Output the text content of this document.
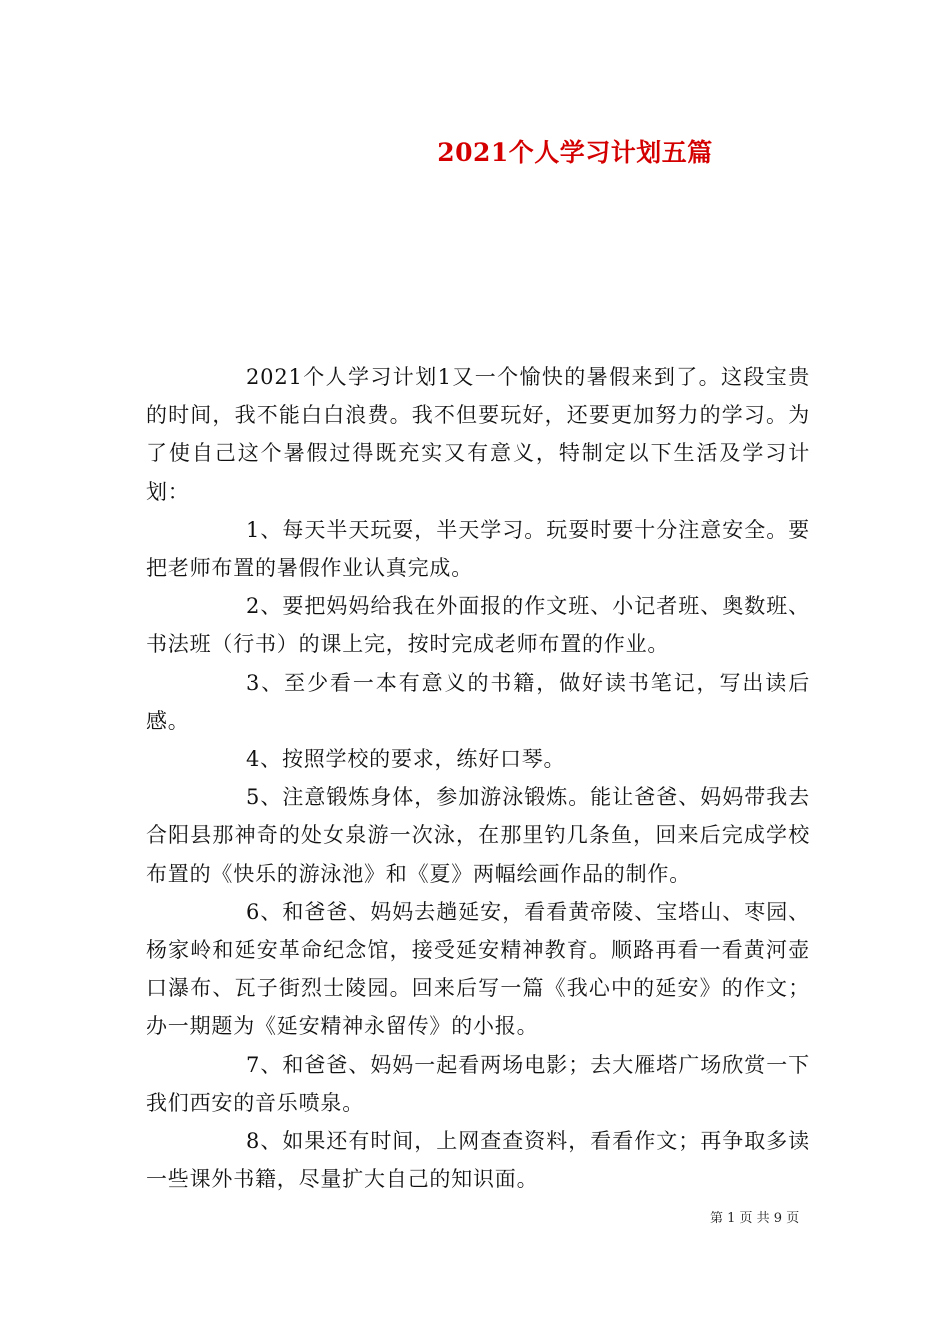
2021个人学习计划五篇

2021个人学习计划1又一个愉快的暑假来到了。这段宝贵的时间，我不能白白浪费。我不但要玩好，还要更加努力的学习。为了使自己这个暑假过得既充实又有意义，特制定以下生活及学习计划：

1、每天半天玩耍，半天学习。玩耍时要十分注意安全。要把老师布置的暑假作业认真完成。

2、要把妈妈给我在外面报的作文班、小记者班、奥数班、书法班（行书）的课上完，按时完成老师布置的作业。

3、至少看一本有意义的书籍，做好读书笔记，写出读后感。

4、按照学校的要求，练好口琴。

5、注意锻炼身体，参加游泳锻炼。能让爸爸、妈妈带我去合阳县那神奇的处女泉游一次泳，在那里钓几条鱼，回来后完成学校布置的《快乐的游泳池》和《夏》两幅绘画作品的制作。

6、和爸爸、妈妈去趟延安，看看黄帝陵、宝塔山、枣园、杨家岭和延安革命纪念馆，接受延安精神教育。顺路再看一看黄河壶口瀑布、瓦子街烈士陵园。回来后写一篇《我心中的延安》的作文；办一期题为《延安精神永留传》的小报。

7、和爸爸、妈妈一起看两场电影；去大雁塔广场欣赏一下我们西安的音乐喷泉。

8、如果还有时间，上网查查资料，看看作文；再争取多读一些课外书籍，尽量扩大自己的知识面。

第 1 页 共 9 页
